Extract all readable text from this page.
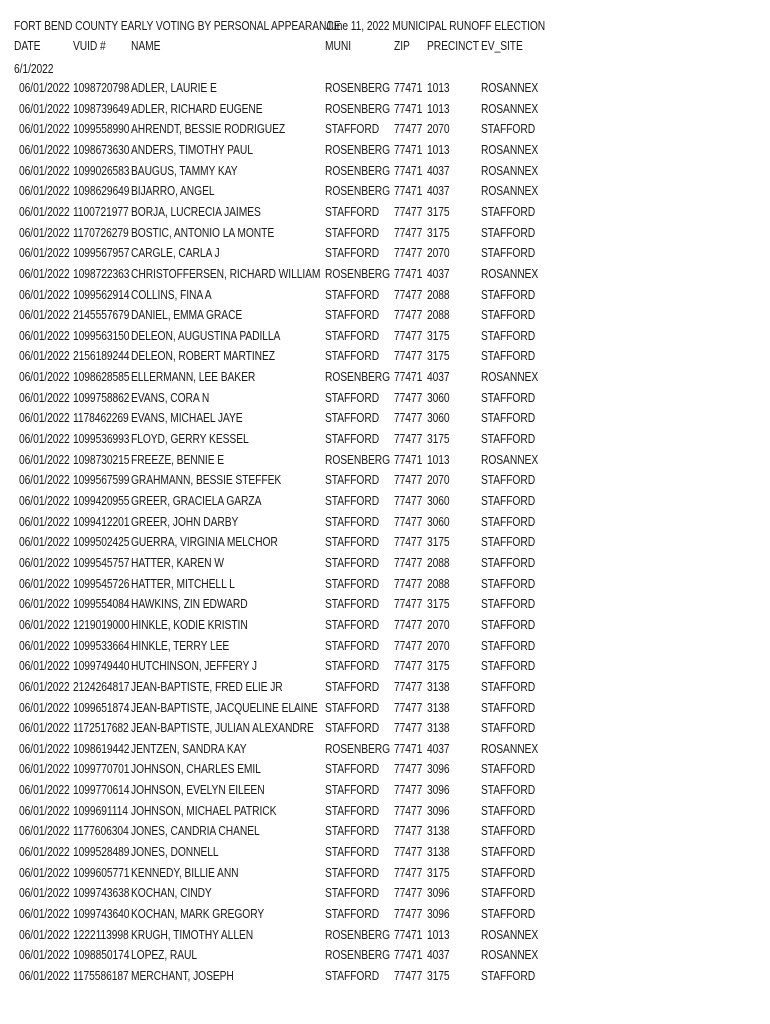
FORT BEND COUNTY EARLY VOTING BY PERSONAL APPEARANCE
June 11, 2022 MUNICIPAL RUNOFF ELECTION
DATE VUID # NAME	MUNI	ZIP PRECINCT EV_SITE
6/1/2022
06/01/2022 1098720798 ADLER, LAURIE E	ROSENBERG 77471 1013 ROSANNEX
06/01/2022 1098739649 ADLER, RICHARD EUGENE	ROSENBERG 77471 1013 ROSANNEX
06/01/2022 1099558990 AHRENDT, BESSIE RODRIGUEZ	STAFFORD 77477 2070 STAFFORD
06/01/2022 1098673630 ANDERS, TIMOTHY PAUL	ROSENBERG 77471 1013 ROSANNEX
06/01/2022 1099026583 BAUGUS, TAMMY KAY	ROSENBERG 77471 4037 ROSANNEX
06/01/2022 1098629649 BIJARRO, ANGEL	ROSENBERG 77471 4037 ROSANNEX
06/01/2022 1100721977 BORJA, LUCRECIA JAIMES	STAFFORD 77477 3175 STAFFORD
06/01/2022 1170726279 BOSTIC, ANTONIO LA MONTE	STAFFORD 77477 3175 STAFFORD
06/01/2022 1099567957 CARGLE, CARLA J	STAFFORD 77477 2070 STAFFORD
06/01/2022 1098722363 CHRISTOFFERSEN, RICHARD WILLIAM ROSENBERG 77471 4037 ROSANNEX
06/01/2022 1099562914 COLLINS, FINA A	STAFFORD 77477 2088 STAFFORD
06/01/2022 2145557679 DANIEL, EMMA GRACE	STAFFORD 77477 2088 STAFFORD
06/01/2022 1099563150 DELEON, AUGUSTINA PADILLA	STAFFORD 77477 3175 STAFFORD
06/01/2022 2156189244 DELEON, ROBERT MARTINEZ	STAFFORD 77477 3175 STAFFORD
06/01/2022 1098628585 ELLERMANN, LEE BAKER	ROSENBERG 77471 4037 ROSANNEX
06/01/2022 1099758862 EVANS, CORA N	STAFFORD 77477 3060 STAFFORD
06/01/2022 1178462269 EVANS, MICHAEL JAYE	STAFFORD 77477 3060 STAFFORD
06/01/2022 1099536993 FLOYD, GERRY KESSEL	STAFFORD 77477 3175 STAFFORD
06/01/2022 1098730215 FREEZE, BENNIE E	ROSENBERG 77471 1013 ROSANNEX
06/01/2022 1099567599 GRAHMANN, BESSIE STEFFEK	STAFFORD 77477 2070 STAFFORD
06/01/2022 1099420955 GREER, GRACIELA GARZA	STAFFORD 77477 3060 STAFFORD
06/01/2022 1099412201 GREER, JOHN DARBY	STAFFORD 77477 3060 STAFFORD
06/01/2022 1099502425 GUERRA, VIRGINIA MELCHOR	STAFFORD 77477 3175 STAFFORD
06/01/2022 1099545757 HATTER, KAREN W	STAFFORD 77477 2088 STAFFORD
06/01/2022 1099545726 HATTER, MITCHELL L	STAFFORD 77477 2088 STAFFORD
06/01/2022 1099554084 HAWKINS, ZIN EDWARD	STAFFORD 77477 3175 STAFFORD
06/01/2022 1219019000 HINKLE, KODIE KRISTIN	STAFFORD 77477 2070 STAFFORD
06/01/2022 1099533664 HINKLE, TERRY LEE	STAFFORD 77477 2070 STAFFORD
06/01/2022 1099749440 HUTCHINSON, JEFFERY J	STAFFORD 77477 3175 STAFFORD
06/01/2022 2124264817 JEAN-BAPTISTE, FRED ELIE JR	STAFFORD 77477 3138 STAFFORD
06/01/2022 1099651874 JEAN-BAPTISTE, JACQUELINE ELAINE STAFFORD 77477 3138 STAFFORD
06/01/2022 1172517682 JEAN-BAPTISTE, JULIAN ALEXANDRE STAFFORD 77477 3138 STAFFORD
06/01/2022 1098619442 JENTZEN, SANDRA KAY	ROSENBERG 77471 4037 ROSANNEX
06/01/2022 1099770701 JOHNSON, CHARLES EMIL	STAFFORD 77477 3096 STAFFORD
06/01/2022 1099770614 JOHNSON, EVELYN EILEEN	STAFFORD 77477 3096 STAFFORD
06/01/2022 1099691114 JOHNSON, MICHAEL PATRICK	STAFFORD 77477 3096 STAFFORD
06/01/2022 1177606304 JONES, CANDRIA CHANEL	STAFFORD 77477 3138 STAFFORD
06/01/2022 1099528489 JONES, DONNELL	STAFFORD 77477 3138 STAFFORD
06/01/2022 1099605771 KENNEDY, BILLIE ANN	STAFFORD 77477 3175 STAFFORD
06/01/2022 1099743638 KOCHAN, CINDY	STAFFORD 77477 3096 STAFFORD
06/01/2022 1099743640 KOCHAN, MARK GREGORY	STAFFORD 77477 3096 STAFFORD
06/01/2022 1222113998 KRUGH, TIMOTHY ALLEN	ROSENBERG 77471 1013 ROSANNEX
06/01/2022 1098850174 LOPEZ, RAUL	ROSENBERG 77471 4037 ROSANNEX
06/01/2022 1175586187 MERCHANT, JOSEPH	STAFFORD 77477 3175 STAFFORD
